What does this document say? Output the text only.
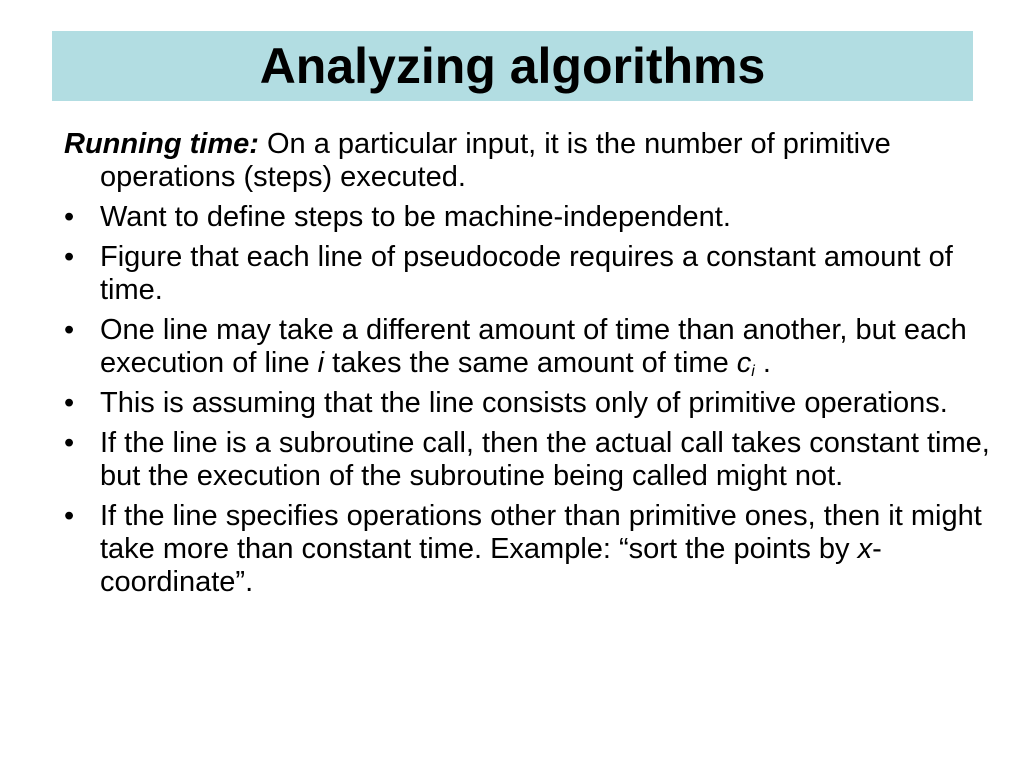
Analyzing algorithms

Running time: On a particular input, it is the number of primitive operations (steps) executed.

• Want to define steps to be machine-independent.
• Figure that each line of pseudocode requires a constant amount of time.
• One line may take a different amount of time than another, but each execution of line i takes the same amount of time $c_i$ .
• This is assuming that the line consists only of primitive operations.
• If the line is a subroutine call, then the actual call takes constant time, but the execution of the subroutine being called might not.
• If the line specifies operations other than primitive ones, then it might take more than constant time. Example: “sort the points by x-coordinate”.
